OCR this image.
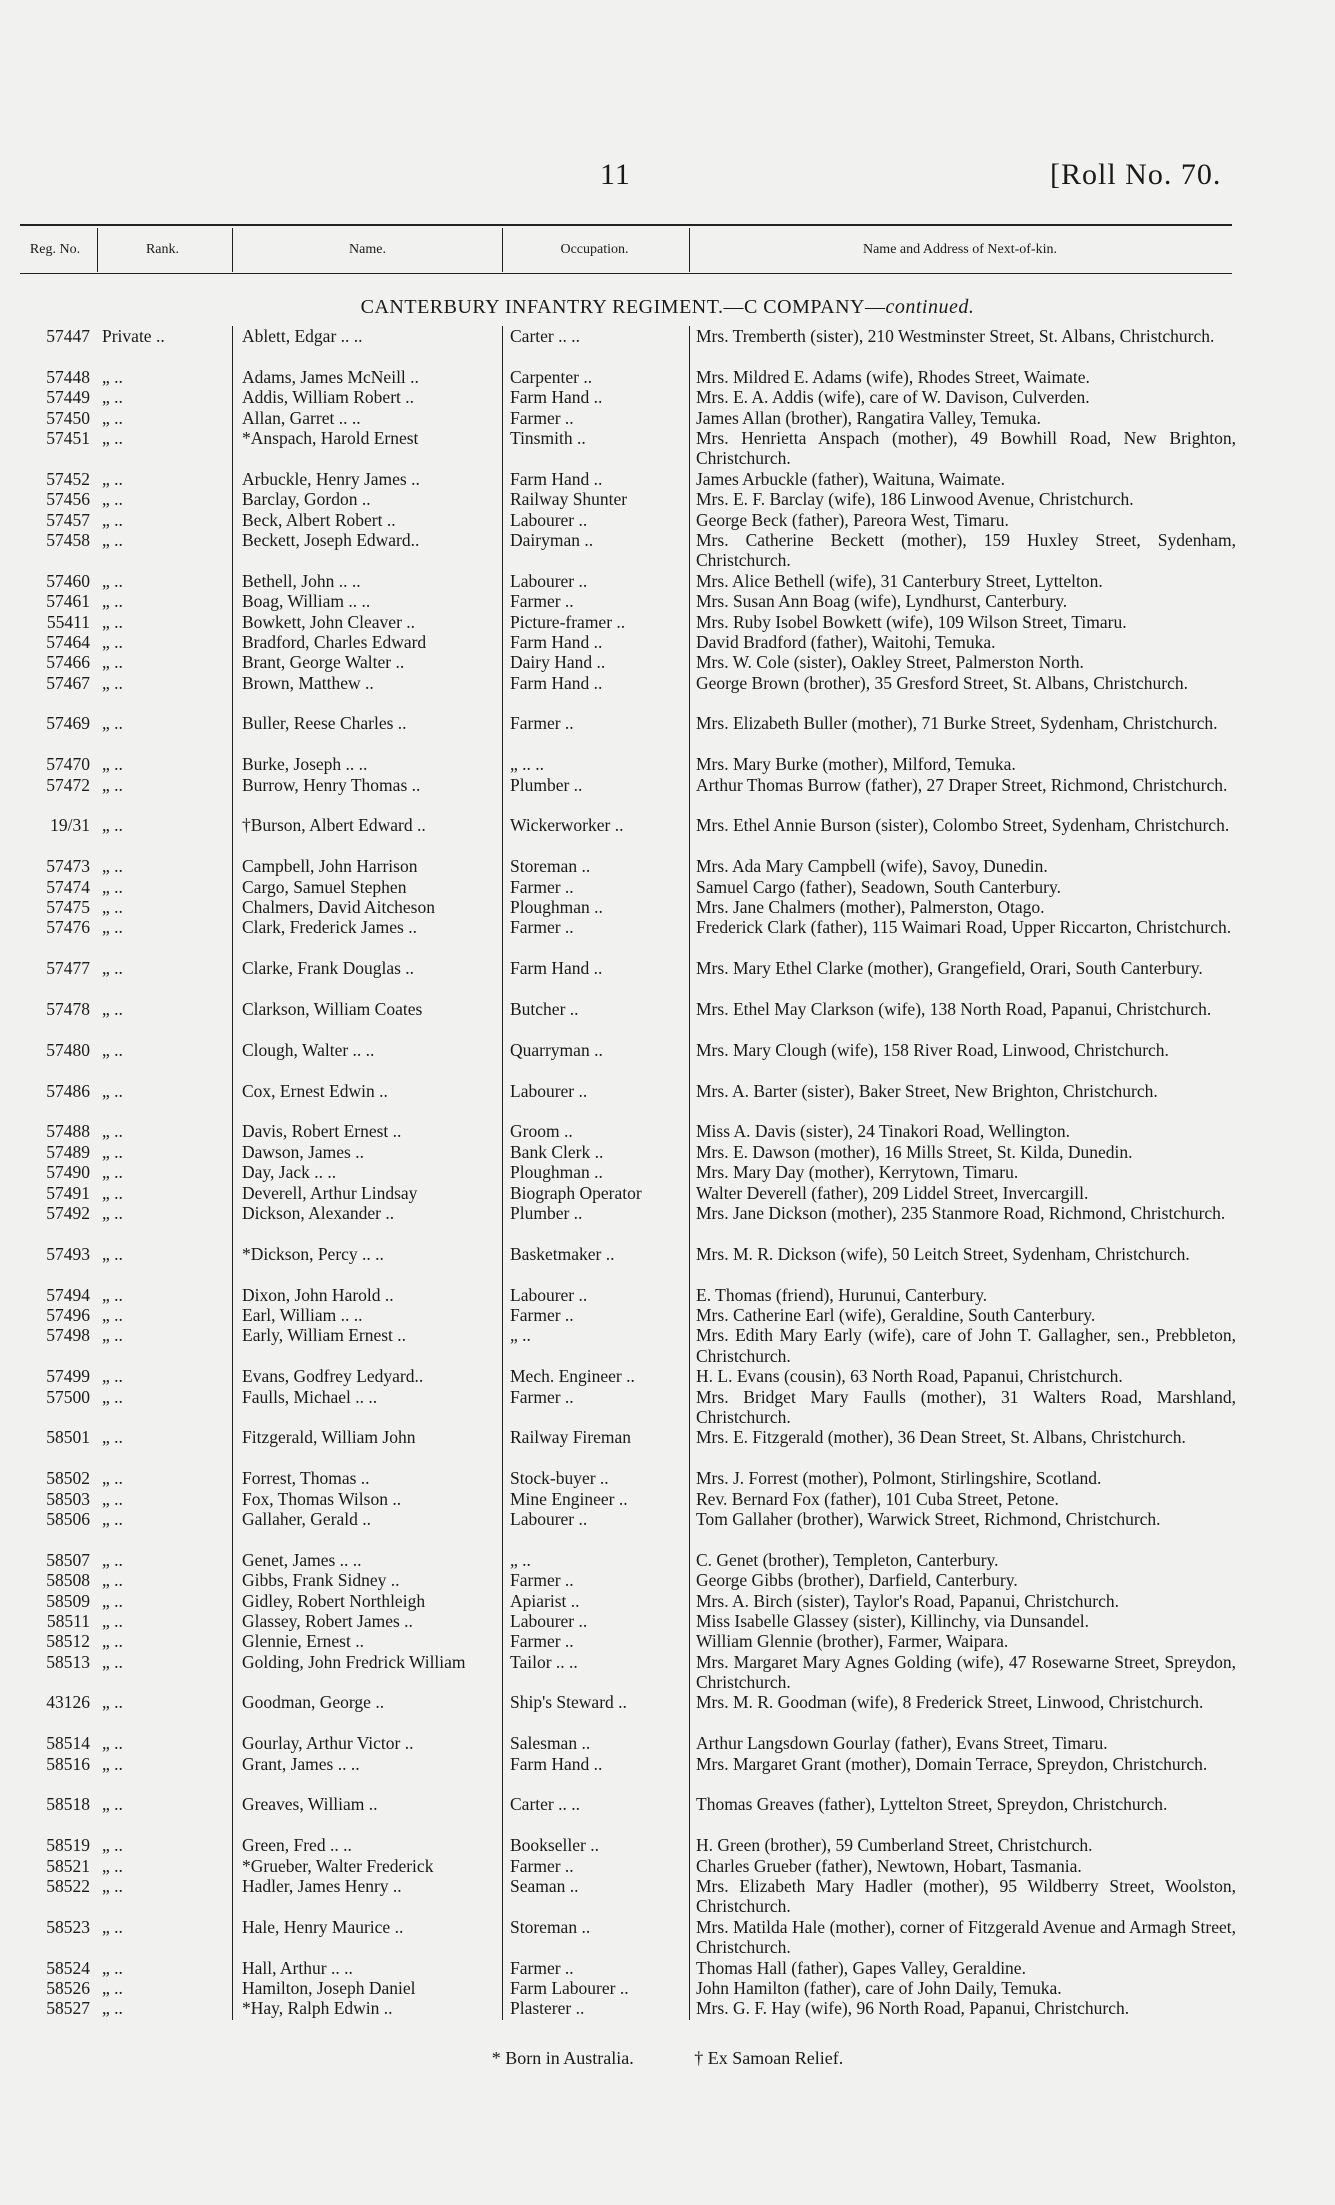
11	[Roll No. 70.
Reg. No.	Rank.	Name.	Occupation.	Name and Address of Next-of-kin.
CANTERBURY INFANTRY REGIMENT.—C COMPANY—continued.
57447 Private ..	Ablett, Edgar .. ..	Carter .. ..	Mrs. Tremberth (sister), 210 Westminster Street, St. Albans, Christchurch.
57448 „ ..	Adams, James McNeill ..	Carpenter ..	Mrs. Mildred E. Adams (wife), Rhodes Street, Waimate.
57449 „ ..	Addis, William Robert ..	Farm Hand ..	Mrs. E. A. Addis (wife), care of W. Davison, Culverden.
57450 „ ..	Allan, Garret .. ..	Farmer ..	James Allan (brother), Rangatira Valley, Temuka.
57451 „ ..	*Anspach, Harold Ernest	Tinsmith ..	Mrs. Henrietta Anspach (mother), 49 Bowhill Road, New Brighton, Christchurch.
57452 „ ..	Arbuckle, Henry James ..	Farm Hand ..	James Arbuckle (father), Waituna, Waimate.
57456 „ ..	Barclay, Gordon ..	Railway Shunter	Mrs. E. F. Barclay (wife), 186 Linwood Avenue, Christchurch.
57457 „ ..	Beck, Albert Robert ..	Labourer ..	George Beck (father), Pareora West, Timaru.
57458 „ ..	Beckett, Joseph Edward..	Dairyman ..	Mrs. Catherine Beckett (mother), 159 Huxley Street, Sydenham, Christchurch.
57460 „ ..	Bethell, John .. ..	Labourer ..	Mrs. Alice Bethell (wife), 31 Canterbury Street, Lyttelton.
57461 „ ..	Boag, William .. ..	Farmer ..	Mrs. Susan Ann Boag (wife), Lyndhurst, Canterbury.
55411 „ ..	Bowkett, John Cleaver ..	Picture-framer ..	Mrs. Ruby Isobel Bowkett (wife), 109 Wilson Street, Timaru.
57464 „ ..	Bradford, Charles Edward	Farm Hand ..	David Bradford (father), Waitohi, Temuka.
57466 „ ..	Brant, George Walter ..	Dairy Hand ..	Mrs. W. Cole (sister), Oakley Street, Palmerston North.
57467 „ ..	Brown, Matthew ..	Farm Hand ..	George Brown (brother), 35 Gresford Street, St. Albans, Christchurch.
57469 „ ..	Buller, Reese Charles ..	Farmer ..	Mrs. Elizabeth Buller (mother), 71 Burke Street, Sydenham, Christchurch.
57470 „ ..	Burke, Joseph .. ..	„ .. ..	Mrs. Mary Burke (mother), Milford, Temuka.
57472 „ ..	Burrow, Henry Thomas ..	Plumber ..	Arthur Thomas Burrow (father), 27 Draper Street, Richmond, Christchurch.
19/31 „ ..	†Burson, Albert Edward ..	Wickerworker ..	Mrs. Ethel Annie Burson (sister), Colombo Street, Sydenham, Christchurch.
57473 „ ..	Campbell, John Harrison	Storeman ..	Mrs. Ada Mary Campbell (wife), Savoy, Dunedin.
57474 „ ..	Cargo, Samuel Stephen	Farmer ..	Samuel Cargo (father), Seadown, South Canterbury.
57475 „ ..	Chalmers, David Aitcheson	Ploughman ..	Mrs. Jane Chalmers (mother), Palmerston, Otago.
57476 „ ..	Clark, Frederick James ..	Farmer ..	Frederick Clark (father), 115 Waimari Road, Upper Riccarton, Christchurch.
57477 „ ..	Clarke, Frank Douglas ..	Farm Hand ..	Mrs. Mary Ethel Clarke (mother), Grangefield, Orari, South Canterbury.
57478 „ ..	Clarkson, William Coates	Butcher ..	Mrs. Ethel May Clarkson (wife), 138 North Road, Papanui, Christchurch.
57480 „ ..	Clough, Walter .. ..	Quarryman ..	Mrs. Mary Clough (wife), 158 River Road, Linwood, Christchurch.
57486 „ ..	Cox, Ernest Edwin ..	Labourer ..	Mrs. A. Barter (sister), Baker Street, New Brighton, Christchurch.
57488 „ ..	Davis, Robert Ernest ..	Groom ..	Miss A. Davis (sister), 24 Tinakori Road, Wellington.
57489 „ ..	Dawson, James ..	Bank Clerk ..	Mrs. E. Dawson (mother), 16 Mills Street, St. Kilda, Dunedin.
57490 „ ..	Day, Jack .. ..	Ploughman ..	Mrs. Mary Day (mother), Kerrytown, Timaru.
57491 „ ..	Deverell, Arthur Lindsay	Biograph Operator	Walter Deverell (father), 209 Liddel Street, Invercargill.
57492 „ ..	Dickson, Alexander ..	Plumber ..	Mrs. Jane Dickson (mother), 235 Stanmore Road, Richmond, Christchurch.
57493 „ ..	*Dickson, Percy .. ..	Basketmaker ..	Mrs. M. R. Dickson (wife), 50 Leitch Street, Sydenham, Christchurch.
57494 „ ..	Dixon, John Harold ..	Labourer ..	E. Thomas (friend), Hurunui, Canterbury.
57496 „ ..	Earl, William .. ..	Farmer ..	Mrs. Catherine Earl (wife), Geraldine, South Canterbury.
57498 „ ..	Early, William Ernest ..	„ ..	Mrs. Edith Mary Early (wife), care of John T. Gallagher, sen., Prebbleton, Christchurch.
57499 „ ..	Evans, Godfrey Ledyard..	Mech. Engineer ..	H. L. Evans (cousin), 63 North Road, Papanui, Christchurch.
57500 „ ..	Faulls, Michael .. ..	Farmer ..	Mrs. Bridget Mary Faulls (mother), 31 Walters Road, Marshland, Christchurch.
58501 „ ..	Fitzgerald, William John	Railway Fireman	Mrs. E. Fitzgerald (mother), 36 Dean Street, St. Albans, Christchurch.
58502 „ ..	Forrest, Thomas ..	Stock-buyer ..	Mrs. J. Forrest (mother), Polmont, Stirlingshire, Scotland.
58503 „ ..	Fox, Thomas Wilson ..	Mine Engineer ..	Rev. Bernard Fox (father), 101 Cuba Street, Petone.
58506 „ ..	Gallaher, Gerald ..	Labourer ..	Tom Gallaher (brother), Warwick Street, Richmond, Christchurch.
58507 „ ..	Genet, James .. ..	„ ..	C. Genet (brother), Templeton, Canterbury.
58508 „ ..	Gibbs, Frank Sidney ..	Farmer ..	George Gibbs (brother), Darfield, Canterbury.
58509 „ ..	Gidley, Robert Northleigh	Apiarist ..	Mrs. A. Birch (sister), Taylor's Road, Papanui, Christchurch.
58511 „ ..	Glassey, Robert James ..	Labourer ..	Miss Isabelle Glassey (sister), Killinchy, via Dunsandel.
58512 „ ..	Glennie, Ernest ..	Farmer ..	William Glennie (brother), Farmer, Waipara.
58513 „ ..	Golding, John Fredrick William	Tailor .. ..	Mrs. Margaret Mary Agnes Golding (wife), 47 Rosewarne Street, Spreydon, Christchurch.
43126 „ ..	Goodman, George ..	Ship's Steward ..	Mrs. M. R. Goodman (wife), 8 Frederick Street, Linwood, Christchurch.
58514 „ ..	Gourlay, Arthur Victor ..	Salesman ..	Arthur Langsdown Gourlay (father), Evans Street, Timaru.
58516 „ ..	Grant, James .. ..	Farm Hand ..	Mrs. Margaret Grant (mother), Domain Terrace, Spreydon, Christchurch.
58518 „ ..	Greaves, William ..	Carter .. ..	Thomas Greaves (father), Lyttelton Street, Spreydon, Christchurch.
58519 „ ..	Green, Fred .. ..	Bookseller ..	H. Green (brother), 59 Cumberland Street, Christchurch.
58521 „ ..	*Grueber, Walter Frederick	Farmer ..	Charles Grueber (father), Newtown, Hobart, Tasmania.
58522 „ ..	Hadler, James Henry ..	Seaman ..	Mrs. Elizabeth Mary Hadler (mother), 95 Wildberry Street, Woolston, Christchurch.
58523 „ ..	Hale, Henry Maurice ..	Storeman ..	Mrs. Matilda Hale (mother), corner of Fitzgerald Avenue and Armagh Street, Christchurch.
58524 „ ..	Hall, Arthur .. ..	Farmer ..	Thomas Hall (father), Gapes Valley, Geraldine.
58526 „ ..	Hamilton, Joseph Daniel	Farm Labourer ..	John Hamilton (father), care of John Daily, Temuka.
58527 „ ..	*Hay, Ralph Edwin ..	Plasterer ..	Mrs. G. F. Hay (wife), 96 North Road, Papanui, Christchurch.
* Born in Australia.	† Ex Samoan Relief.
